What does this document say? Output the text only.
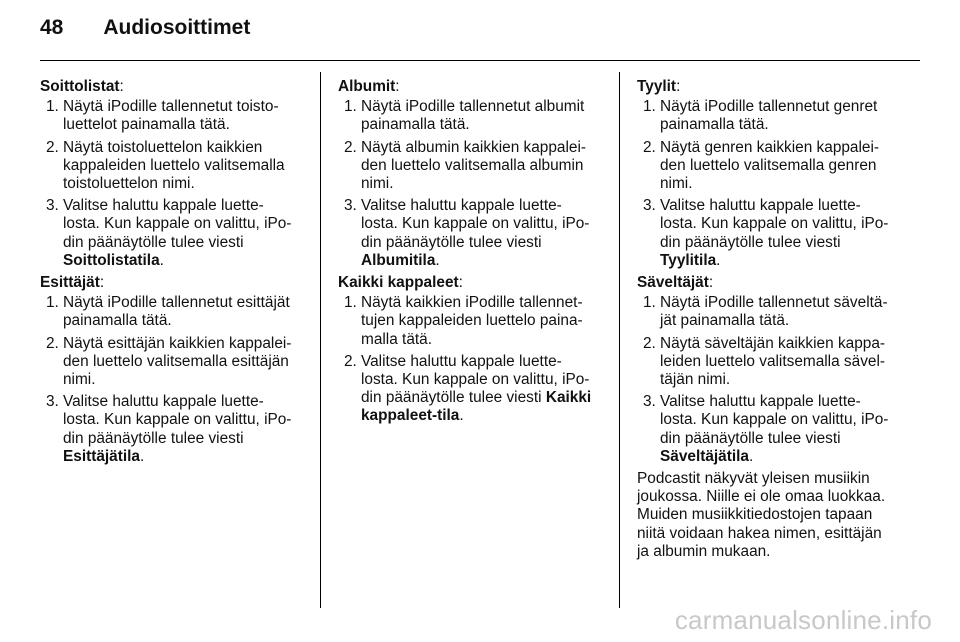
48 Audiosoittimet

Soittolistat:

1. Näytä iPodille tallennetut toisto-
luettelot painamalla tätä.
2. Näytä toistoluettelon kaikkien
kappaleiden luettelo valitsemalla
toistoluettelon nimi.
3. Valitse haluttu kappale luette-
losta. Kun kappale on valittu, iPo-
din päänäytölle tulee viesti
Soittolistatila.

Esittäjät:

1. Näytä iPodille tallennetut esittäjät
painamalla tätä.
2. Näytä esittäjän kaikkien kappalei-
den luettelo valitsemalla esittäjän
nimi.
3. Valitse haluttu kappale luette-
losta. Kun kappale on valittu, iPo-
din päänäytölle tulee viesti
Esittäjätila.

Albumit:

1. Näytä iPodille tallennetut albumit
painamalla tätä.
2. Näytä albumin kaikkien kappalei-
den luettelo valitsemalla albumin
nimi.
3. Valitse haluttu kappale luette-
losta. Kun kappale on valittu, iPo-
din päänäytölle tulee viesti
Albumitila.

Kaikki kappaleet:

1. Näytä kaikkien iPodille tallennet-
tujen kappaleiden luettelo paina-
malla tätä.
2. Valitse haluttu kappale luette-
losta. Kun kappale on valittu, iPo-
din päänäytölle tulee viesti Kaikki
kappaleet-tila.

Tyylit:

1. Näytä iPodille tallennetut genret
painamalla tätä.
2. Näytä genren kaikkien kappalei-
den luettelo valitsemalla genren
nimi.
3. Valitse haluttu kappale luette-
losta. Kun kappale on valittu, iPo-
din päänäytölle tulee viesti
Tyylitila.

Säveltäjät:

1. Näytä iPodille tallennetut säveltä-
jät painamalla tätä.
2. Näytä säveltäjän kaikkien kappa-
leiden luettelo valitsemalla sävel-
täjän nimi.
3. Valitse haluttu kappale luette-
losta. Kun kappale on valittu, iPo-
din päänäytölle tulee viesti
Säveltäjätila.

Podcastit näkyvät yleisen musiikin
joukossa. Niille ei ole omaa luokkaa.
Muiden musiikkitiedostojen tapaan
niitä voidaan hakea nimen, esittäjän
ja albumin mukaan.

carmanualsonline.info
